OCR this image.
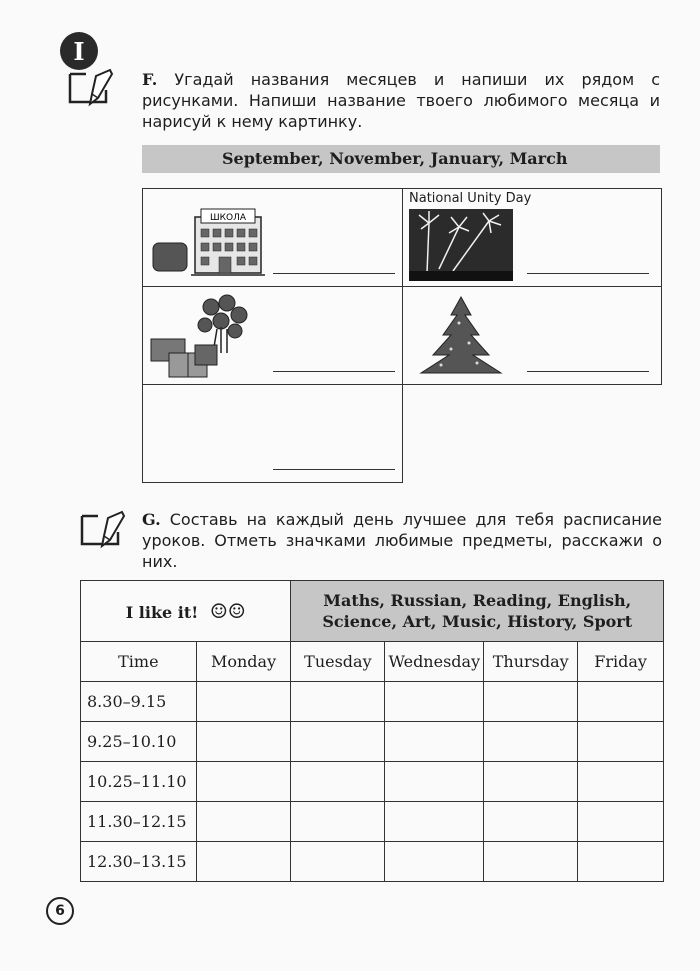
I
F. Угадай названия месяцев и напиши их рядом с рисунками. Напиши название твоего любимого месяца и нарисуй к нему картинку.
September, November, January, March
ШКОЛА
National Unity Day
G. Составь на каждый день лучшее для тебя расписание уроков. Отметь значками любимые предметы, расскажи о них.
I like it! ☺☺		Maths, Russian, Reading, English, Science, Art, Music, History, Sport			
Time	Monday	Tuesday	Wednesday	Thursday	Friday
8.30–9.15					
9.25–10.10					
10.25–11.10					
11.30–12.15					
12.30–13.15					
6
